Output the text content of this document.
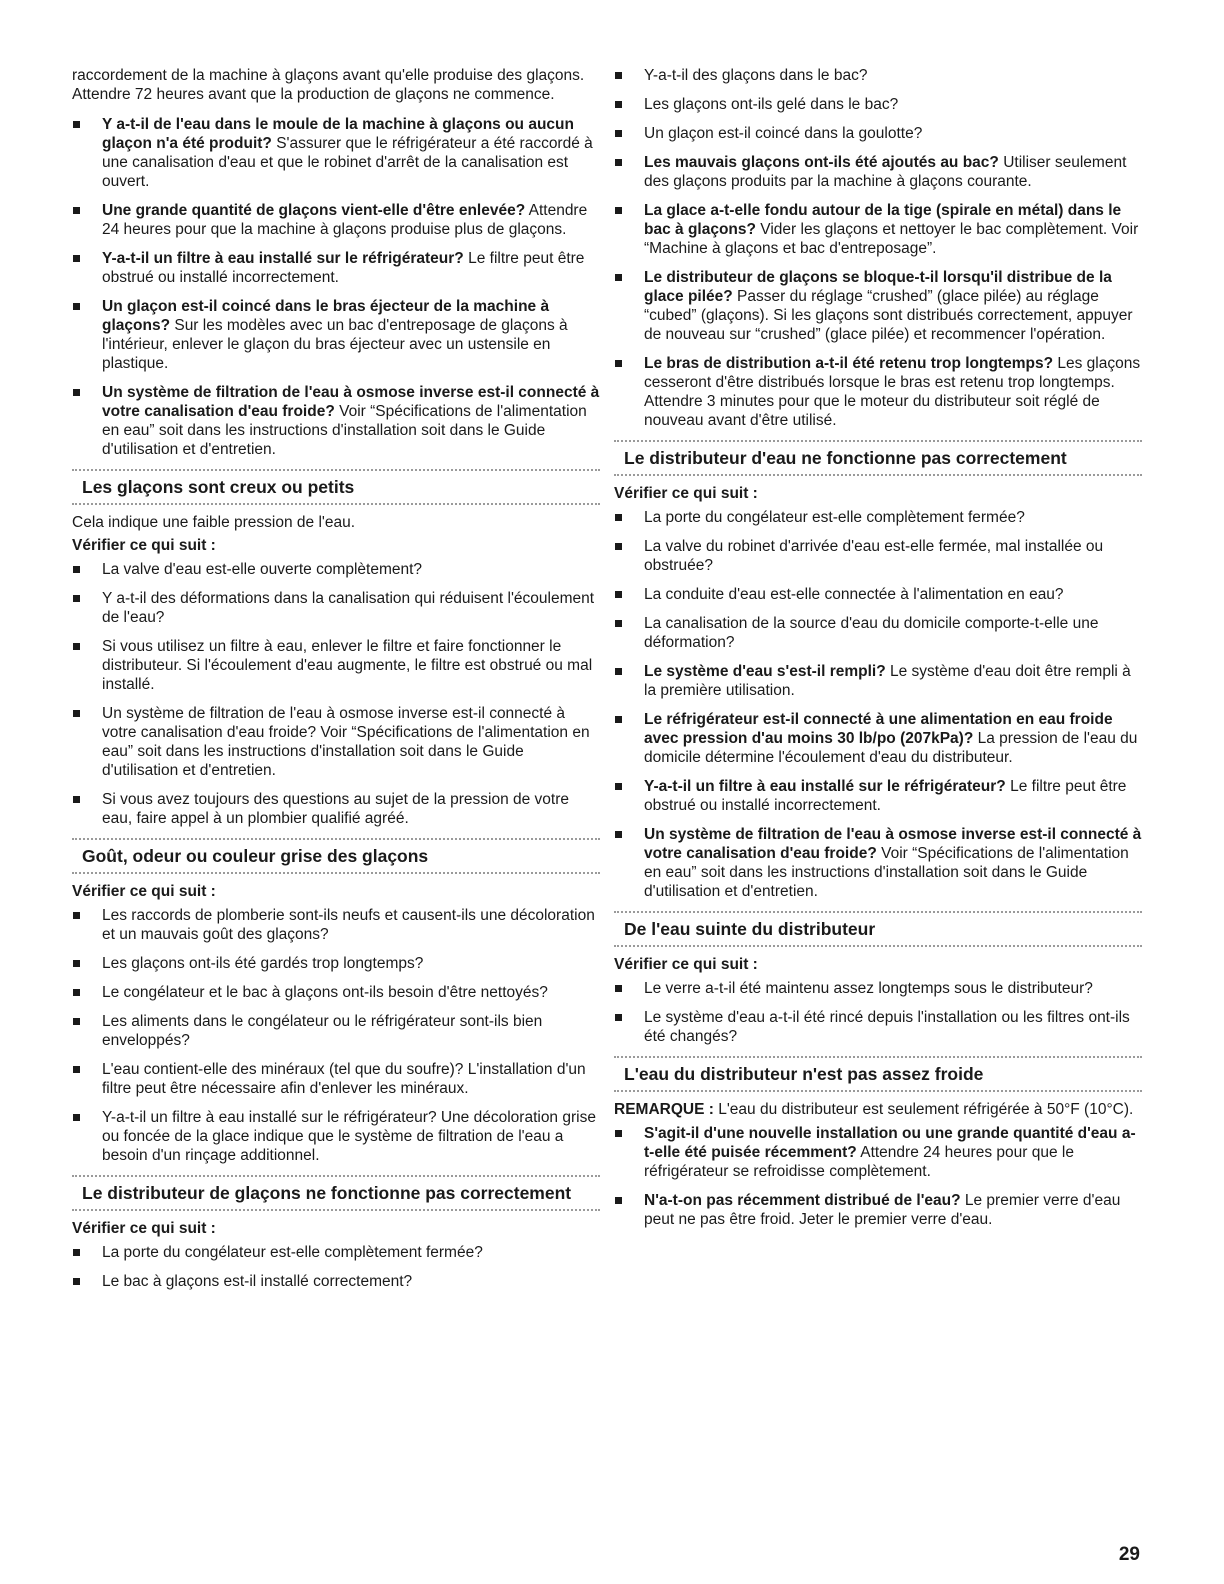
raccordement de la machine à glaçons avant qu'elle produise des glaçons. Attendre 72 heures avant que la production de glaçons ne commence.

Y a-t-il de l'eau dans le moule de la machine à glaçons ou aucun glaçon n'a été produit? S'assurer que le réfrigérateur a été raccordé à une canalisation d'eau et que le robinet d'arrêt de la canalisation est ouvert.
Une grande quantité de glaçons vient-elle d'être enlevée? Attendre 24 heures pour que la machine à glaçons produise plus de glaçons.
Y-a-t-il un filtre à eau installé sur le réfrigérateur? Le filtre peut être obstrué ou installé incorrectement.
Un glaçon est-il coincé dans le bras éjecteur de la machine à glaçons? Sur les modèles avec un bac d'entreposage de glaçons à l'intérieur, enlever le glaçon du bras éjecteur avec un ustensile en plastique.
Un système de filtration de l'eau à osmose inverse est-il connecté à votre canalisation d'eau froide? Voir “Spécifications de l'alimentation en eau” soit dans les instructions d'installation soit dans le Guide d'utilisation et d'entretien.
Les glaçons sont creux ou petits

Cela indique une faible pression de l'eau.

Vérifier ce qui suit :

La valve d'eau est-elle ouverte complètement?
Y a-t-il des déformations dans la canalisation qui réduisent l'écoulement de l'eau?
Si vous utilisez un filtre à eau, enlever le filtre et faire fonctionner le distributeur. Si l'écoulement d'eau augmente, le filtre est obstrué ou mal installé.
Un système de filtration de l'eau à osmose inverse est-il connecté à votre canalisation d'eau froide? Voir “Spécifications de l'alimentation en eau” soit dans les instructions d'installation soit dans le Guide d'utilisation et d'entretien.
Si vous avez toujours des questions au sujet de la pression de votre eau, faire appel à un plombier qualifié agréé.
Goût, odeur ou couleur grise des glaçons

Vérifier ce qui suit :

Les raccords de plomberie sont-ils neufs et causent-ils une décoloration et un mauvais goût des glaçons?
Les glaçons ont-ils été gardés trop longtemps?
Le congélateur et le bac à glaçons ont-ils besoin d'être nettoyés?
Les aliments dans le congélateur ou le réfrigérateur sont-ils bien enveloppés?
L'eau contient-elle des minéraux (tel que du soufre)? L'installation d'un filtre peut être nécessaire afin d'enlever les minéraux.
Y-a-t-il un filtre à eau installé sur le réfrigérateur? Une décoloration grise ou foncée de la glace indique que le système de filtration de l'eau a besoin d'un rinçage additionnel.
Le distributeur de glaçons ne fonctionne pas correctement

Vérifier ce qui suit :

La porte du congélateur est-elle complètement fermée?
Le bac à glaçons est-il installé correctement?
Y-a-t-il des glaçons dans le bac?
Les glaçons ont-ils gelé dans le bac?
Un glaçon est-il coincé dans la goulotte?
Les mauvais glaçons ont-ils été ajoutés au bac? Utiliser seulement des glaçons produits par la machine à glaçons courante.
La glace a-t-elle fondu autour de la tige (spirale en métal) dans le bac à glaçons? Vider les glaçons et nettoyer le bac complètement. Voir “Machine à glaçons et bac d'entreposage”.
Le distributeur de glaçons se bloque-t-il lorsqu'il distribue de la glace pilée? Passer du réglage “crushed” (glace pilée) au réglage “cubed” (glaçons). Si les glaçons sont distribués correctement, appuyer de nouveau sur “crushed” (glace pilée) et recommencer l'opération.
Le bras de distribution a-t-il été retenu trop longtemps? Les glaçons cesseront d'être distribués lorsque le bras est retenu trop longtemps. Attendre 3 minutes pour que le moteur du distributeur soit réglé de nouveau avant d'être utilisé.
Le distributeur d'eau ne fonctionne pas correctement

Vérifier ce qui suit :

La porte du congélateur est-elle complètement fermée?
La valve du robinet d'arrivée d'eau est-elle fermée, mal installée ou obstruée?
La conduite d'eau est-elle connectée à l'alimentation en eau?
La canalisation de la source d'eau du domicile comporte-t-elle une déformation?
Le système d'eau s'est-il rempli? Le système d'eau doit être rempli à la première utilisation.
Le réfrigérateur est-il connecté à une alimentation en eau froide avec pression d'au moins 30 lb/po (207kPa)? La pression de l'eau du domicile détermine l'écoulement d'eau du distributeur.
Y-a-t-il un filtre à eau installé sur le réfrigérateur? Le filtre peut être obstrué ou installé incorrectement.
Un système de filtration de l'eau à osmose inverse est-il connecté à votre canalisation d'eau froide? Voir “Spécifications de l'alimentation en eau” soit dans les instructions d'installation soit dans le Guide d'utilisation et d'entretien.
De l'eau suinte du distributeur

Vérifier ce qui suit :

Le verre a-t-il été maintenu assez longtemps sous le distributeur?
Le système d'eau a-t-il été rincé depuis l'installation ou les filtres ont-ils été changés?
L'eau du distributeur n'est pas assez froide

REMARQUE : L'eau du distributeur est seulement réfrigérée à 50°F (10°C).

S'agit-il d'une nouvelle installation ou une grande quantité d'eau a-t-elle été puisée récemment? Attendre 24 heures pour que le réfrigérateur se refroidisse complètement.
N'a-t-on pas récemment distribué de l'eau? Le premier verre d'eau peut ne pas être froid. Jeter le premier verre d'eau.
29
